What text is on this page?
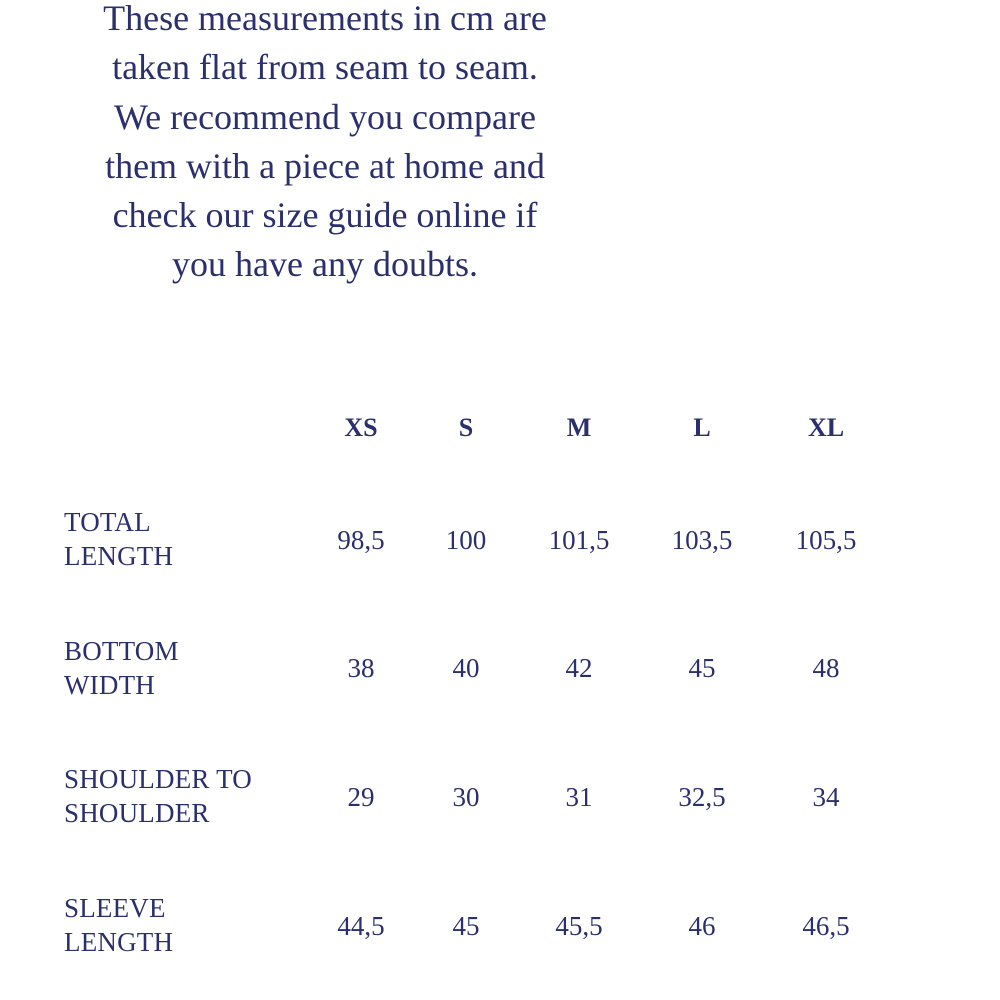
These measurements in cm are
taken flat from seam to seam.
We recommend you compare
them with a piece at home and
check our size guide online if
you have any doubts.
XS	S	M	L	XL
TOTAL
LENGTH
98,5	100	101,5	103,5	105,5
BOTTOM
WIDTH
38	40	42	45	48
SHOULDER TO
SHOULDER
29	30	31	32,5	34
SLEEVE
LENGTH
44,5	45	45,5	46	46,5
